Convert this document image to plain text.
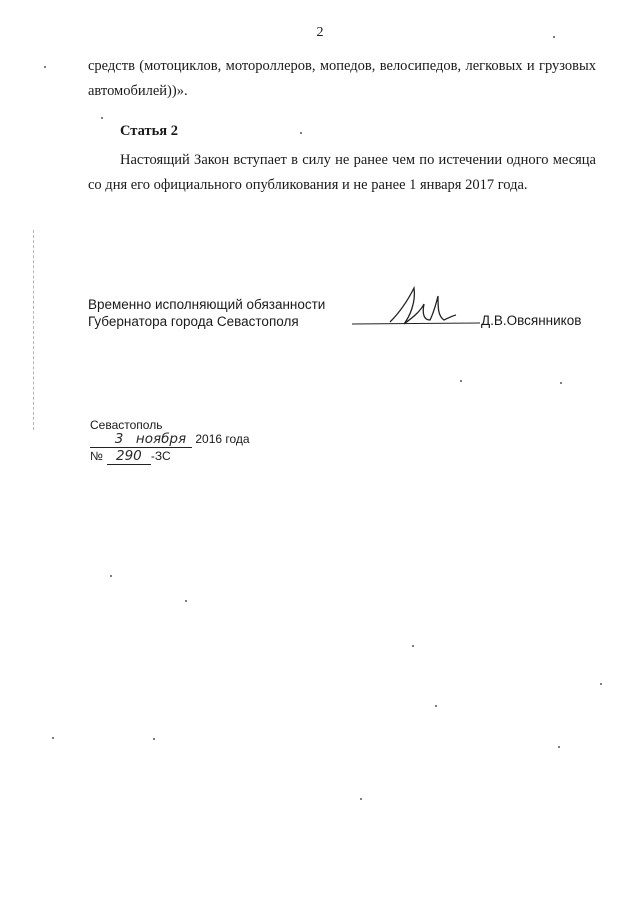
2
средств (мотоциклов, мотороллеров, мопедов, велосипедов, легковых и грузовых автомобилей))».
Статья 2
Настоящий Закон вступает в силу не ранее чем по истечении одного месяца со дня его официального опубликования и не ранее 1 января 2017 года.
Временно исполняющий обязанности
Губернатора города Севастополя	Д.В.Овсянников
Севастополь
3 ноября 2016 года
№ 290 -ЗС
